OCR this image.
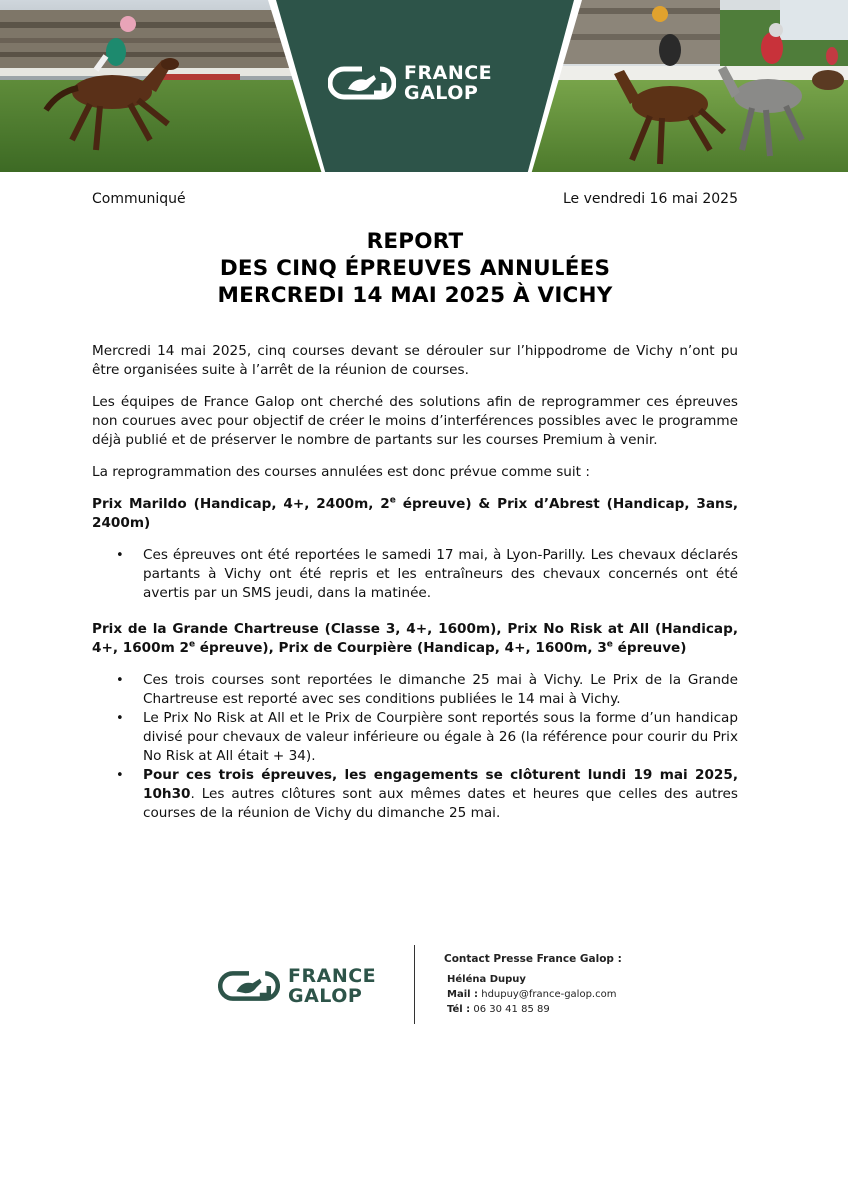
FRANCE
GALOP
Communiqué	Le vendredi 16 mai 2025
REPORT
DES CINQ ÉPREUVES ANNULÉES
MERCREDI 14 MAI 2025 À VICHY

Mercredi 14 mai 2025, cinq courses devant se dérouler sur l’hippodrome de Vichy n’ont pu être organisées suite à l’arrêt de la réunion de courses.

Les équipes de France Galop ont cherché des solutions afin de reprogrammer ces épreuves non courues avec pour objectif de créer le moins d’interférences possibles avec le programme déjà publié et de préserver le nombre de partants sur les courses Premium à venir.

La reprogrammation des courses annulées est donc prévue comme suit :

Prix Marildo (Handicap, 4+, 2400m, 2e épreuve) & Prix d’Abrest (Handicap, 3ans, 2400m)

• Ces épreuves ont été reportées le samedi 17 mai, à Lyon-Parilly. Les chevaux déclarés partants à Vichy ont été repris et les entraîneurs des chevaux concernés ont été avertis par un SMS jeudi, dans la matinée.

Prix de la Grande Chartreuse (Classe 3, 4+, 1600m), Prix No Risk at All (Handicap, 4+, 1600m 2e épreuve), Prix de Courpière (Handicap, 4+, 1600m, 3e épreuve)

• Ces trois courses sont reportées le dimanche 25 mai à Vichy. Le Prix de la Grande Chartreuse est reporté avec ses conditions publiées le 14 mai à Vichy.
• Le Prix No Risk at All et le Prix de Courpière sont reportés sous la forme d’un handicap divisé pour chevaux de valeur inférieure ou égale à 26 (la référence pour courir du Prix No Risk at All était + 34).
• Pour ces trois épreuves, les engagements se clôturent lundi 19 mai 2025, 10h30. Les autres clôtures sont aux mêmes dates et heures que celles des autres courses de la réunion de Vichy du dimanche 25 mai.
FRANCE
GALOP
Contact Presse France Galop :
Héléna Dupuy
Mail : hdupuy@france-galop.com
Tél : 06 30 41 85 89
